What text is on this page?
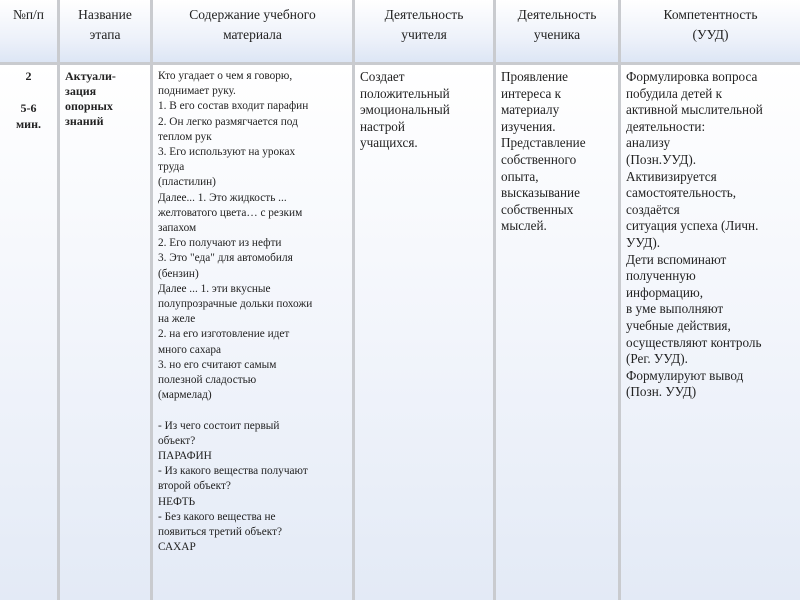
№п/п	Название
этапа
Содержание учебного
материала
Деятельность
учителя
Деятельность
ученика
Компетентность
(УУД)
2

5-6
мин.
Актуали-
зация
опорных
знаний
Кто угадает о чем я говорю,
поднимает руку.
1. В его состав входит парафин
2. Он легко размягчается под
теплом рук
3. Его используют на уроках
труда
(пластилин)
Далее... 1. Это жидкость ...
желтоватого цвета… с резким
запахом
2. Его получают из нефти
3. Это "еда" для автомобиля
(бензин)
Далее ... 1. эти вкусные
полупрозрачные дольки похожи
на желе
2. на его изготовление идет
много сахара
3. но его считают самым
полезной сладостью
(мармелад)

- Из чего состоит первый
объект?
ПАРАФИН
- Из какого вещества получают
второй объект?
НЕФТЬ
- Без какого вещества не
появиться третий объект?
САХАР
Создает
положительный
эмоциональный
настрой
учащихся.
Проявление
интереса к
материалу
изучения.
Представление
собственного
опыта,
высказывание
собственных
мыслей.
Формулировка вопроса
побудила детей к
активной мыслительной
деятельности:
анализу
(Позн.УУД).
Активизируется
самостоятельность,
создаётся
ситуация успеха (Личн.
УУД).
Дети вспоминают
полученную
информацию,
в уме выполняют
учебные действия,
осуществляют контроль
(Рег. УУД).
Формулируют вывод
(Позн. УУД)
